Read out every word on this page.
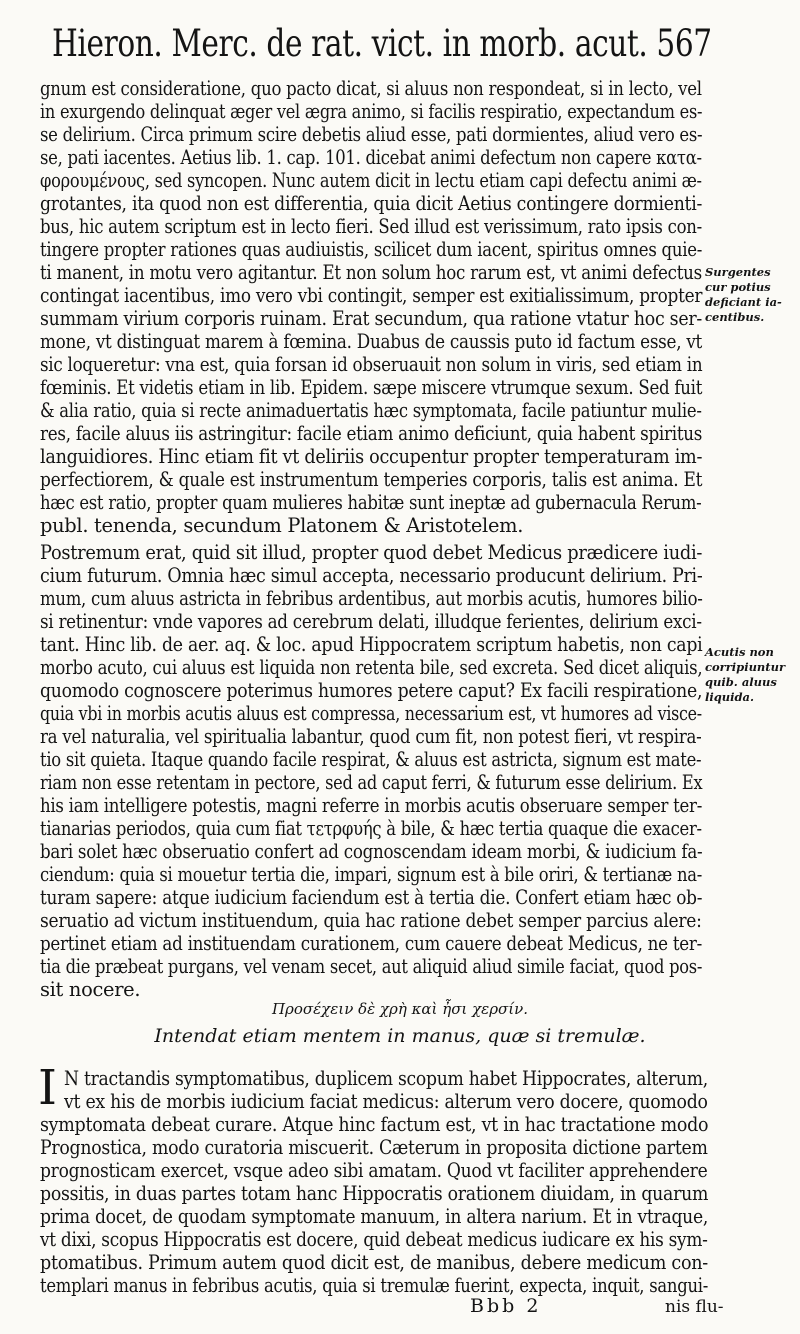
Hieron. Merc. de rat. vict. in morb. acut. 567
gnum est consideratione, quo pacto dicat, si aluus non respondeat, si in lecto, vel
in exurgendo delinquat æger vel ægra animo, si facilis respiratio, expectandum es-
se delirium. Circa primum scire debetis aliud esse, pati dormientes, aliud vero es-
se, pati iacentes. Aetius lib. 1. cap. 101. dicebat animi defectum non capere κατα-
φορουμένους, sed syncopen. Nunc autem dicit in lectu etiam capi defectu animi æ-
grotantes, ita quod non est differentia, quia dicit Aetius contingere dormienti-
bus, hic autem scriptum est in lecto fieri. Sed illud est verissimum, rato ipsis con-
tingere propter rationes quas audiuistis, scilicet dum iacent, spiritus omnes quie-
ti manent, in motu vero agitantur. Et non solum hoc rarum est, vt animi defectus
contingat iacentibus, imo vero vbi contingit, semper est exitialissimum, propter
summam virium corporis ruinam. Erat secundum, qua ratione vtatur hoc ser-
mone, vt distinguat marem à fœmina. Duabus de caussis puto id factum esse, vt
sic loqueretur: vna est, quia forsan id obseruauit non solum in viris, sed etiam in
fœminis. Et videtis etiam in lib. Epidem. sæpe miscere vtrumque sexum. Sed fuit
& alia ratio, quia si recte animaduertatis hæc symptomata, facile patiuntur mulie-
res, facile aluus iis astringitur: facile etiam animo deficiunt, quia habent spiritus
languidiores. Hinc etiam fit vt deliriis occupentur propter temperaturam im-
perfectiorem, & quale est instrumentum temperies corporis, talis est anima. Et
hæc est ratio, propter quam mulieres habitæ sunt ineptæ ad gubernacula Rerum-
publ. tenenda, secundum Platonem & Aristotelem.
Postremum erat, quid sit illud, propter quod debet Medicus prædicere iudi-
cium futurum. Omnia hæc simul accepta, necessario producunt delirium. Pri-
mum, cum aluus astricta in febribus ardentibus, aut morbis acutis, humores bilio-
si retinentur: vnde vapores ad cerebrum delati, illudque ferientes, delirium exci-
tant. Hinc lib. de aer. aq. & loc. apud Hippocratem scriptum habetis, non capi
morbo acuto, cui aluus est liquida non retenta bile, sed excreta. Sed dicet aliquis,
quomodo cognoscere poterimus humores petere caput? Ex facili respiratione,
quia vbi in morbis acutis aluus est compressa, necessarium est, vt humores ad visce-
ra vel naturalia, vel spiritualia labantur, quod cum fit, non potest fieri, vt respira-
tio sit quieta. Itaque quando facile respirat, & aluus est astricta, signum est mate-
riam non esse retentam in pectore, sed ad caput ferri, & futurum esse delirium. Ex
his iam intelligere potestis, magni referre in morbis acutis obseruare semper ter-
tianarias periodos, quia cum fiat τετρφυής à bile, & hæc tertia quaque die exacer-
bari solet hæc obseruatio confert ad cognoscendam ideam morbi, & iudicium fa-
ciendum: quia si mouetur tertia die, impari, signum est à bile oriri, & tertianæ na-
turam sapere: atque iudicium faciendum est à tertia die. Confert etiam hæc ob-
seruatio ad victum instituendum, quia hac ratione debet semper parcius alere:
pertinet etiam ad instituendam curationem, cum cauere debeat Medicus, ne ter-
tia die præbeat purgans, vel venam secet, aut aliquid aliud simile faciat, quod pos-
sit nocere.
Surgentes
cur potius
deficiant ia-
centibus.
Acutis non
corripiuntur
quib. aluus
liquida.
Προσέχειν δὲ χρὴ καὶ ἦσι χερσίν.
Intendat etiam mentem in manus, quæ si tremulæ.
I N tractandis symptomatibus, duplicem scopum habet Hippocrates, alterum,
vt ex his de morbis iudicium faciat medicus: alterum vero docere, quomodo
symptomata debeat curare. Atque hinc factum est, vt in hac tractatione modo
Prognostica, modo curatoria miscuerit. Cæterum in proposita dictione partem
prognosticam exercet, vsque adeo sibi amatam. Quod vt faciliter apprehendere
possitis, in duas partes totam hanc Hippocratis orationem diuidam, in quarum
prima docet, de quodam symptomate manuum, in altera narium. Et in vtraque,
vt dixi, scopus Hippocratis est docere, quid debeat medicus iudicare ex his sym-
ptomatibus. Primum autem quod dicit est, de manibus, debere medicum con-
templari manus in febribus acutis, quia si tremulæ fuerint, expecta, inquit, sangui-
Bbb 2	nis flu-
